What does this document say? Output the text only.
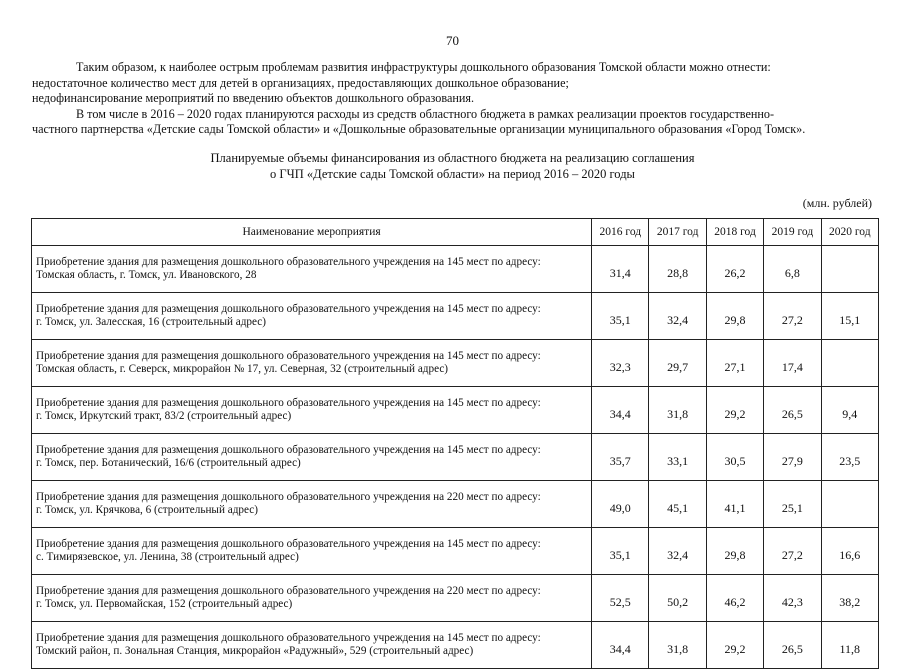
70

Таким образом, к наиболее острым проблемам развития инфраструктуры дошкольного образования Томской области можно отнести:

недостаточное количество мест для детей в организациях, предоставляющих дошкольное образование;

недофинансирование мероприятий по введению объектов дошкольного образования.

В том числе в 2016 – 2020 годах планируются расходы из средств областного бюджета в рамках реализации проектов государственно-

частного партнерства «Детские сады Томской области» и «Дошкольные образовательные организации муниципального образования «Город Томск».

Планируемые объемы финансирования из областного бюджета на реализацию соглашения
о ГЧП «Детские сады Томской области» на период 2016 – 2020 годы
(млн. рублей)
Наименование мероприятия	2016 год	2017 год	2018 год	2019 год	2020 год

Приобретение здания для размещения дошкольного образовательного учреждения на 145 мест по адресу:
Томская область, г. Томск, ул. Ивановского, 28	31,4	28,8	26,2	6,8	

Приобретение здания для размещения дошкольного образовательного учреждения на 145 мест по адресу:
г. Томск, ул. Залесская, 16 (строительный адрес)	35,1	32,4	29,8	27,2	15,1

Приобретение здания для размещения дошкольного образовательного учреждения на 145 мест по адресу:
Томская область, г. Северск, микрорайон № 17, ул. Северная, 32 (строительный адрес)	32,3	29,7	27,1	17,4	

Приобретение здания для размещения дошкольного образовательного учреждения на 145 мест по адресу:
г. Томск, Иркутский тракт, 83/2 (строительный адрес)	34,4	31,8	29,2	26,5	9,4

Приобретение здания для размещения дошкольного образовательного учреждения на 145 мест по адресу:
г. Томск, пер. Ботанический, 16/6 (строительный адрес)	35,7	33,1	30,5	27,9	23,5

Приобретение здания для размещения дошкольного образовательного учреждения на 220 мест по адресу:
г. Томск, ул. Крячкова, 6 (строительный адрес)	49,0	45,1	41,1	25,1	

Приобретение здания для размещения дошкольного образовательного учреждения на 145 мест по адресу:
с. Тимирязевское, ул. Ленина, 38 (строительный адрес)	35,1	32,4	29,8	27,2	16,6

Приобретение здания для размещения дошкольного образовательного учреждения на 220 мест по адресу:
г. Томск, ул. Первомайская, 152 (строительный адрес)	52,5	50,2	46,2	42,3	38,2

Приобретение здания для размещения дошкольного образовательного учреждения на 145 мест по адресу:
Томский район, п. Зональная Станция, микрорайон «Радужный», 529 (строительный адрес)	34,4	31,8	29,2	26,5	11,8
